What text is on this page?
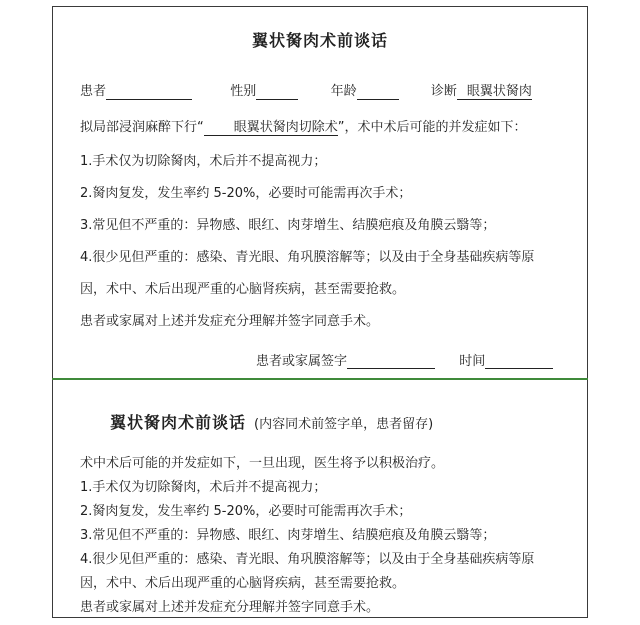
翼状胬肉术前谈话
患者	性别	年龄	诊断 眼翼状胬肉
拟局部浸润麻醉下行“ 眼翼状胬肉切除术”，术中术后可能的并发症如下：
1.手术仅为切除胬肉，术后并不提高视力；
2.胬肉复发，发生率约 5-20%，必要时可能需再次手术；
3.常见但不严重的：异物感、眼红、肉芽增生、结膜疤痕及角膜云翳等；
4.很少见但严重的：感染、青光眼、角巩膜溶解等；以及由于全身基础疾病等原
因，术中、术后出现严重的心脑肾疾病，甚至需要抢救。
患者或家属对上述并发症充分理解并签字同意手术。
患者或家属签字	时间
翼状胬肉术前谈话 (内容同术前签字单，患者留存)
术中术后可能的并发症如下，一旦出现，医生将予以积极治疗。
1.手术仅为切除胬肉，术后并不提高视力；
2.胬肉复发，发生率约 5-20%，必要时可能需再次手术；
3.常见但不严重的：异物感、眼红、肉芽增生、结膜疤痕及角膜云翳等；
4.很少见但严重的：感染、青光眼、角巩膜溶解等；以及由于全身基础疾病等原
因，术中、术后出现严重的心脑肾疾病，甚至需要抢救。
患者或家属对上述并发症充分理解并签字同意手术。
